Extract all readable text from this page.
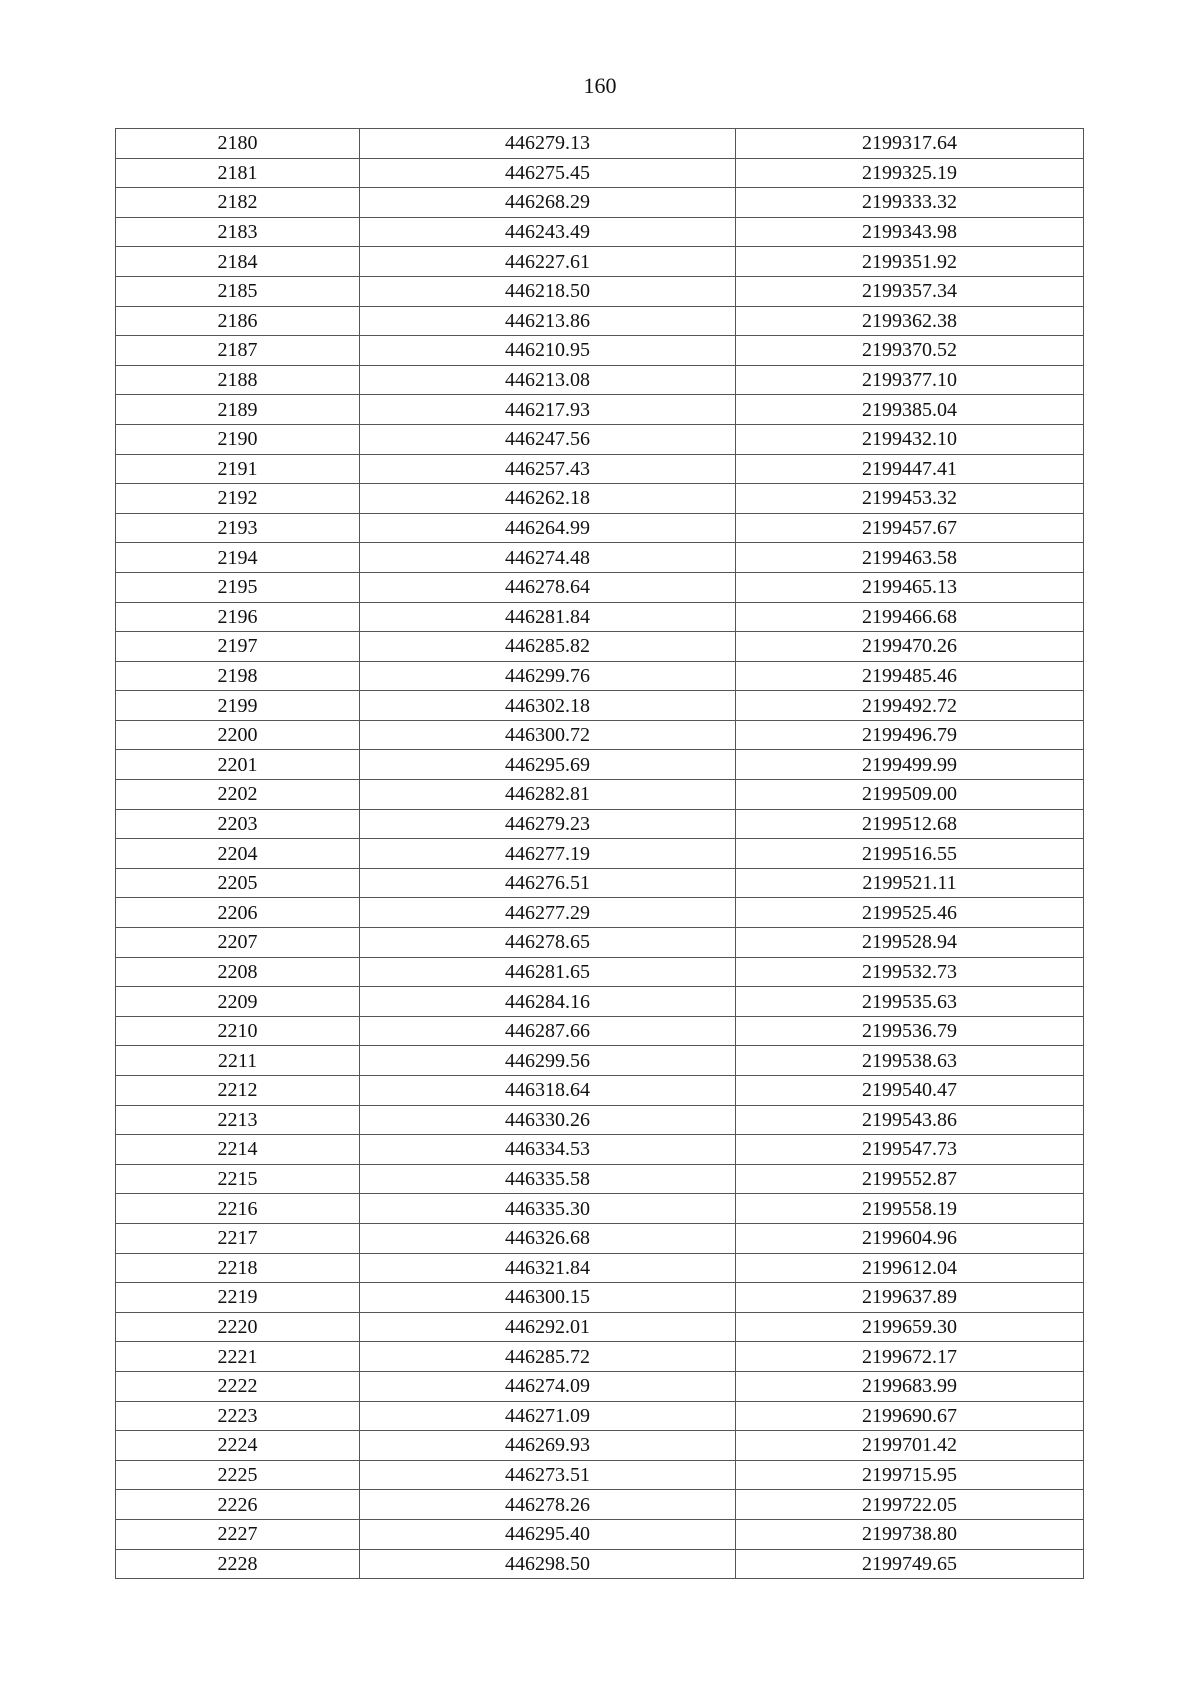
160
2180	446279.13	2199317.64
2181	446275.45	2199325.19
2182	446268.29	2199333.32
2183	446243.49	2199343.98
2184	446227.61	2199351.92
2185	446218.50	2199357.34
2186	446213.86	2199362.38
2187	446210.95	2199370.52
2188	446213.08	2199377.10
2189	446217.93	2199385.04
2190	446247.56	2199432.10
2191	446257.43	2199447.41
2192	446262.18	2199453.32
2193	446264.99	2199457.67
2194	446274.48	2199463.58
2195	446278.64	2199465.13
2196	446281.84	2199466.68
2197	446285.82	2199470.26
2198	446299.76	2199485.46
2199	446302.18	2199492.72
2200	446300.72	2199496.79
2201	446295.69	2199499.99
2202	446282.81	2199509.00
2203	446279.23	2199512.68
2204	446277.19	2199516.55
2205	446276.51	2199521.11
2206	446277.29	2199525.46
2207	446278.65	2199528.94
2208	446281.65	2199532.73
2209	446284.16	2199535.63
2210	446287.66	2199536.79
2211	446299.56	2199538.63
2212	446318.64	2199540.47
2213	446330.26	2199543.86
2214	446334.53	2199547.73
2215	446335.58	2199552.87
2216	446335.30	2199558.19
2217	446326.68	2199604.96
2218	446321.84	2199612.04
2219	446300.15	2199637.89
2220	446292.01	2199659.30
2221	446285.72	2199672.17
2222	446274.09	2199683.99
2223	446271.09	2199690.67
2224	446269.93	2199701.42
2225	446273.51	2199715.95
2226	446278.26	2199722.05
2227	446295.40	2199738.80
2228	446298.50	2199749.65
